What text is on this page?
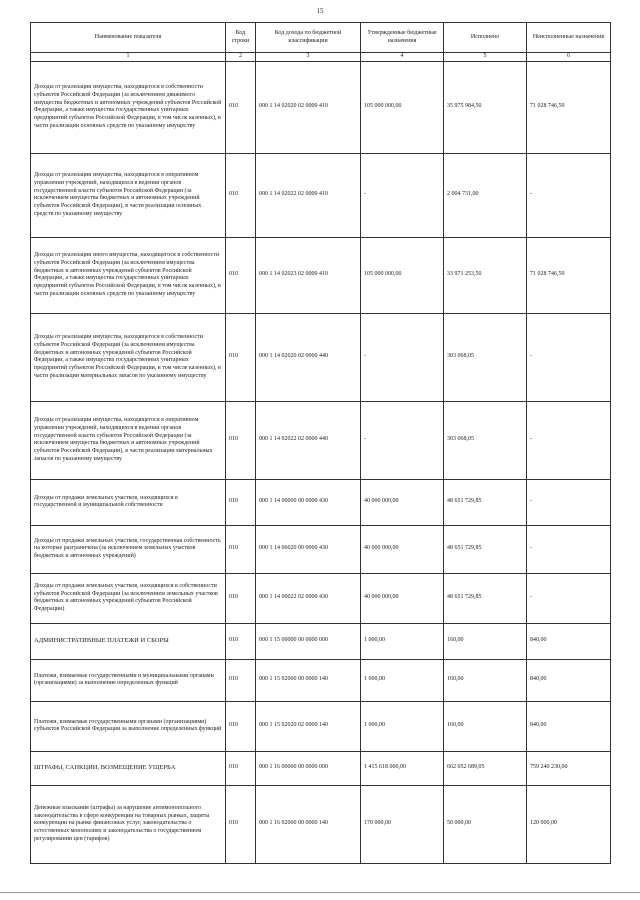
15
Наименование показателя	Код строки	Код дохода по бюджетной классификации	Утвержденные бюджетные назначения	Исполнено	Неисполненные назначения
1	2	3	4	5	6
Доходы от реализации имущества, находящегося в собственности субъектов Российской Федерации (за исключением движимого имущества бюджетных и автономных учреждений субъектов Российской Федерации, а также имущества государственных унитарных предприятий субъектов Российской Федерации, в том числе казенных), в части реализации основных средств по указанному имуществу	010	000 1 14 02020 02 0000 410	105 000 000,00	35 975 984,50	71 028 746,50
Доходы от реализации имущества, находящегося в оперативном управлении учреждений, находящихся в ведении органов государственной власти субъектов Российской Федерации (за исключением имущества бюджетных и автономных учреждений субъектов Российской Федерации), в части реализации основных средств по указанному имуществу	010	000 1 14 02022 02 0000 410	-	2 004 731,00	-
Доходы от реализации иного имущества, находящегося в собственности субъектов Российской Федерации (за исключением имущества бюджетных и автономных учреждений субъектов Российской Федерации, а также имущества государственных унитарных предприятий субъектов Российской Федерации, в том числе казенных), в части реализации основных средств по указанному имуществу	010	000 1 14 02023 02 0000 410	105 000 000,00	33 971 253,50	71 028 746,50
Доходы от реализации имущества, находящегося в собственности субъектов Российской Федерации (за исключением имущества бюджетных и автономных учреждений субъектов Российской Федерации, а также имущества государственных унитарных предприятий субъектов Российской Федерации, в том числе казенных), в части реализации материальных запасов по указанному имуществу	010	000 1 14 02020 02 0000 440	-	303 068,05	-
Доходы от реализации имущества, находящегося в оперативном управлении учреждений, находящихся в ведении органов государственной власти субъектов Российской Федерации (за исключением имущества бюджетных и автономных учреждений субъектов Российской Федерации), в части реализации материальных запасов по указанному имуществу	010	000 1 14 02022 02 0000 440	-	303 068,05	-
Доходы от продажи земельных участков, находящихся в государственной и муниципальной собственности	010	000 1 14 06000 00 0000 430	40 000 000,00	48 651 729,85	-
Доходы от продажи земельных участков, государственная собственность на которые разграничена (за исключением земельных участков бюджетных и автономных учреждений)	010	000 1 14 06020 00 0000 430	40 000 000,00	48 651 729,85	-
Доходы от продажи земельных участков, находящихся в собственности субъектов Российской Федерации (за исключением земельных участков бюджетных и автономных учреждений субъектов Российской Федерации)	010	000 1 14 06022 02 0000 430	40 000 000,00	48 651 729,85	-
АДМИНИСТРАТИВНЫЕ ПЛАТЕЖИ И СБОРЫ	010	000 1 15 00000 00 0000 000	1 000,00	160,00	840,00
Платежи, взимаемые государственными и муниципальными органами (организациями) за выполнение определенных функций	010	000 1 15 02000 00 0000 140	1 000,00	160,00	840,00
Платежи, взимаемые государственными органами (организациями) субъектов Российской Федерации за выполнение определенных функций	010	000 1 15 02020 02 0000 140	1 000,00	160,00	840,00
ШТРАФЫ, САНКЦИИ, ВОЗМЕЩЕНИЕ УЩЕРБА	010	000 1 16 00000 00 0000 000	1 415 618 000,00	662 052 689,05	759 240 230,00
Денежные взыскания (штрафы) за нарушение антимонопольного законодательства в сфере конкуренции на товарных рынках, защиты конкуренции на рынке финансовых услуг, законодательства о естественных монополиях и законодательства о государственном регулировании цен (тарифов)	010	000 1 16 02000 00 0000 140	170 000,00	50 000,00	120 000,00
